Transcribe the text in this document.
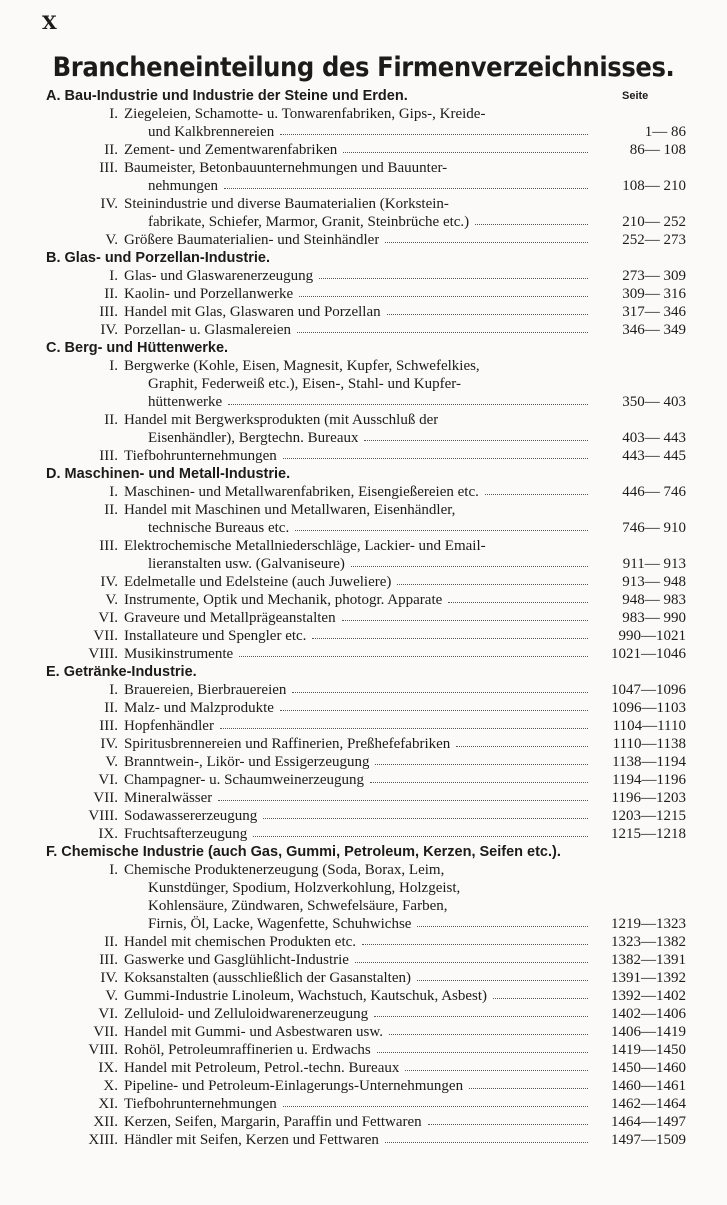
X
Brancheneinteilung des Firmenverzeichnisses.
Seite
A. Bau-Industrie und Industrie der Steine und Erden.
I. Ziegeleien, Schamotte- u. Tonwarenfabriken, Gips-, Kreide-
und Kalkbrennereien	1— 86
II. Zement- und Zementwarenfabriken	86— 108
III. Baumeister, Betonbauunternehmungen und Bauunter-
nehmungen	108— 210
IV. Steinindustrie und diverse Baumaterialien (Korkstein-
fabrikate, Schiefer, Marmor, Granit, Steinbrüche etc.)	210— 252
V. Größere Baumaterialien- und Steinhändler	252— 273
B. Glas- und Porzellan-Industrie.
I. Glas- und Glaswarenerzeugung	273— 309
II. Kaolin- und Porzellanwerke	309— 316
III. Handel mit Glas, Glaswaren und Porzellan	317— 346
IV. Porzellan- u. Glasmalereien	346— 349
C. Berg- und Hüttenwerke.
I. Bergwerke (Kohle, Eisen, Magnesit, Kupfer, Schwefelkies,
Graphit, Federweiß etc.), Eisen-, Stahl- und Kupfer-
hüttenwerke	350— 403
II. Handel mit Bergwerksprodukten (mit Ausschluß der
Eisenhändler), Bergtechn. Bureaux	403— 443
III. Tiefbohrunternehmungen	443— 445
D. Maschinen- und Metall-Industrie.
I. Maschinen- und Metallwarenfabriken, Eisengießereien etc.	446— 746
II. Handel mit Maschinen und Metallwaren, Eisenhändler,
technische Bureaus etc.	746— 910
III. Elektrochemische Metallniederschläge, Lackier- und Email-
lieranstalten usw. (Galvaniseure)	911— 913
IV. Edelmetalle und Edelsteine (auch Juweliere)	913— 948
V. Instrumente, Optik und Mechanik, photogr. Apparate	948— 983
VI. Graveure und Metallprägeanstalten	983— 990
VII. Installateure und Spengler etc.	990—1021
VIII. Musikinstrumente	1021—1046
E. Getränke-Industrie.
I. Brauereien, Bierbrauereien	1047—1096
II. Malz- und Malzprodukte	1096—1103
III. Hopfenhändler	1104—1110
IV. Spiritusbrennereien und Raffinerien, Preßhefefabriken	1110—1138
V. Branntwein-, Likör- und Essigerzeugung	1138—1194
VI. Champagner- u. Schaumweinerzeugung	1194—1196
VII. Mineralwässer	1196—1203
VIII. Sodawassererzeugung	1203—1215
IX. Fruchtsafterzeugung	1215—1218
F. Chemische Industrie (auch Gas, Gummi, Petroleum, Kerzen, Seifen etc.).
I. Chemische Produktenerzeugung (Soda, Borax, Leim,
Kunstdünger, Spodium, Holzverkohlung, Holzgeist,
Kohlensäure, Zündwaren, Schwefelsäure, Farben,
Firnis, Öl, Lacke, Wagenfette, Schuhwichse	1219—1323
II. Handel mit chemischen Produkten etc.	1323—1382
III. Gaswerke und Gasglühlicht-Industrie	1382—1391
IV. Koksanstalten (ausschließlich der Gasanstalten)	1391—1392
V. Gummi-Industrie Linoleum, Wachstuch, Kautschuk, Asbest)	1392—1402
VI. Zelluloid- und Zelluloidwarenerzeugung	1402—1406
VII. Handel mit Gummi- und Asbestwaren usw.	1406—1419
VIII. Rohöl, Petroleumraffinerien u. Erdwachs	1419—1450
IX. Handel mit Petroleum, Petrol.-techn. Bureaux	1450—1460
X. Pipeline- und Petroleum-Einlagerungs-Unternehmungen	1460—1461
XI. Tiefbohrunternehmungen	1462—1464
XII. Kerzen, Seifen, Margarin, Paraffin und Fettwaren	1464—1497
XIII. Händler mit Seifen, Kerzen und Fettwaren	1497—1509
